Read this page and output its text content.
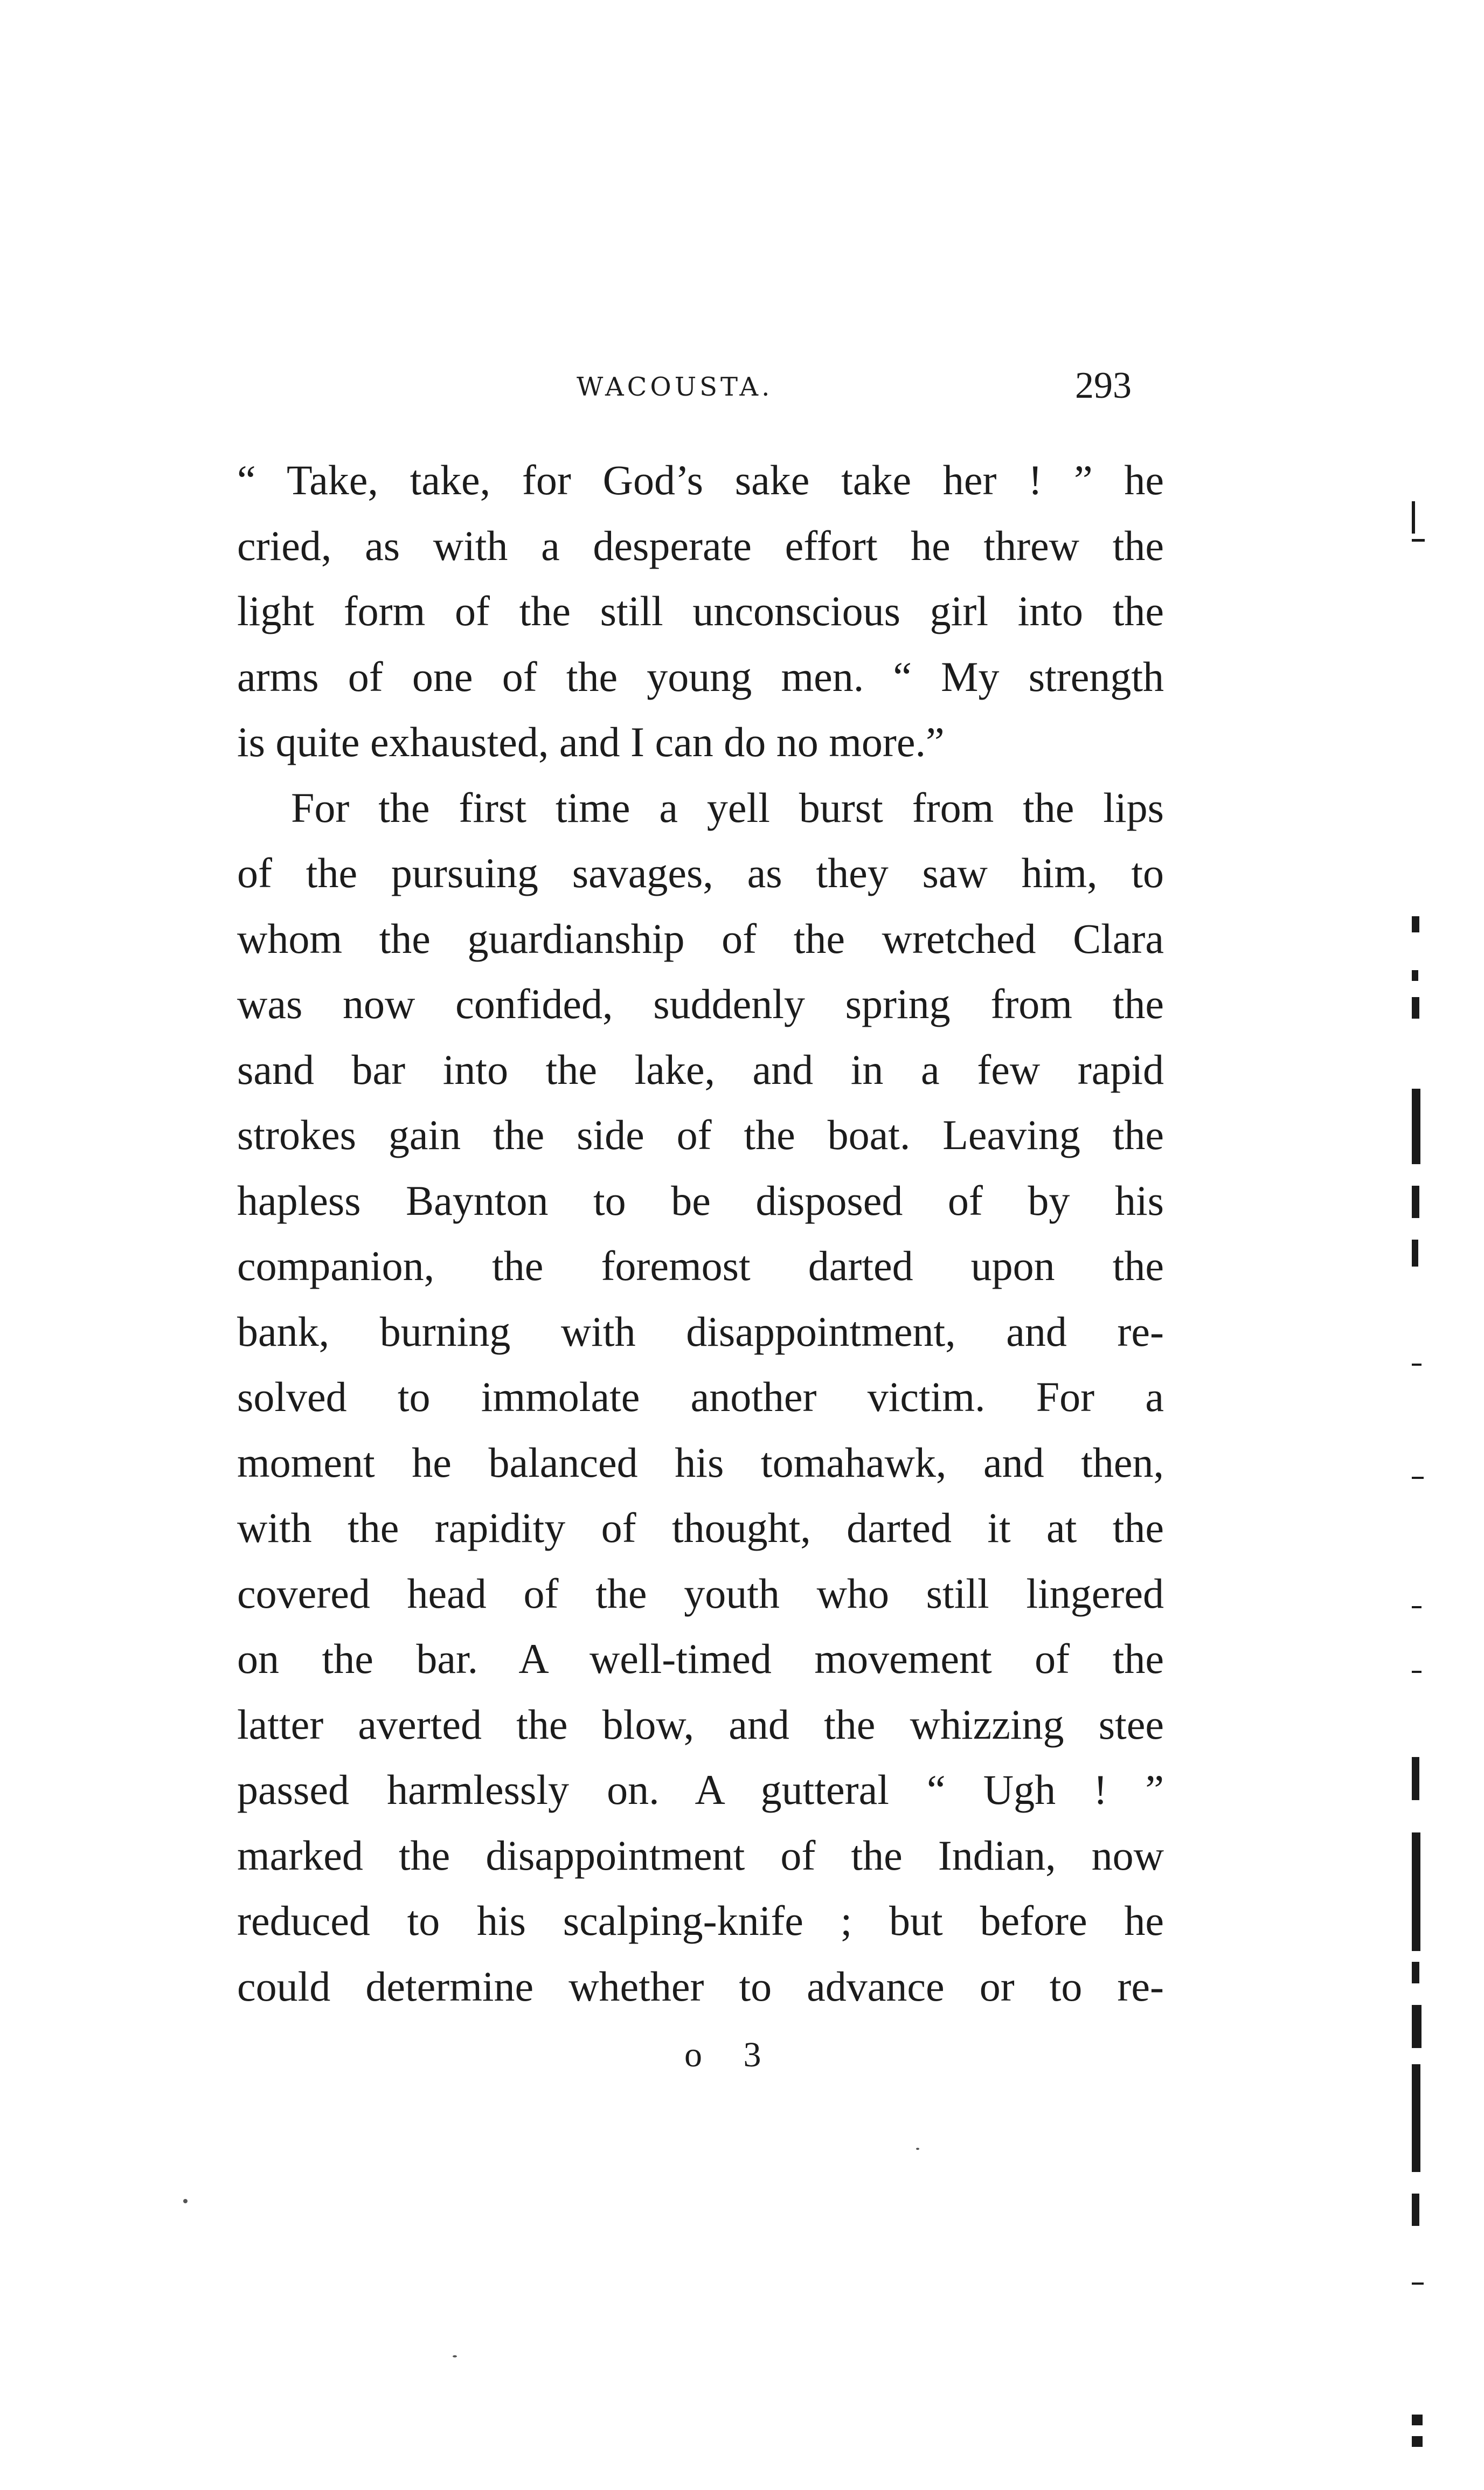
WACOUSTA.	293
“ Take, take, for God’s sake take her ! ” he
cried, as with a desperate effort he threw the
light form of the still unconscious girl into the
arms of one of the young men. “ My strength
is quite exhausted, and I can do no more.”
For the first time a yell burst from the lips
of the pursuing savages, as they saw him, to
whom the guardianship of the wretched Clara
was now confided, suddenly spring from the
sand bar into the lake, and in a few rapid
strokes gain the side of the boat. Leaving the
hapless Baynton to be disposed of by his
companion, the foremost darted upon the
bank, burning with disappointment, and re-
solved to immolate another victim. For a
moment he balanced his tomahawk, and then,
with the rapidity of thought, darted it at the
covered head of the youth who still lingered
on the bar. A well-timed movement of the
latter averted the blow, and the whizzing stee
passed harmlessly on. A gutteral “ Ugh ! ”
marked the disappointment of the Indian, now
reduced to his scalping-knife ; but before he
could determine whether to advance or to re-
o 3
